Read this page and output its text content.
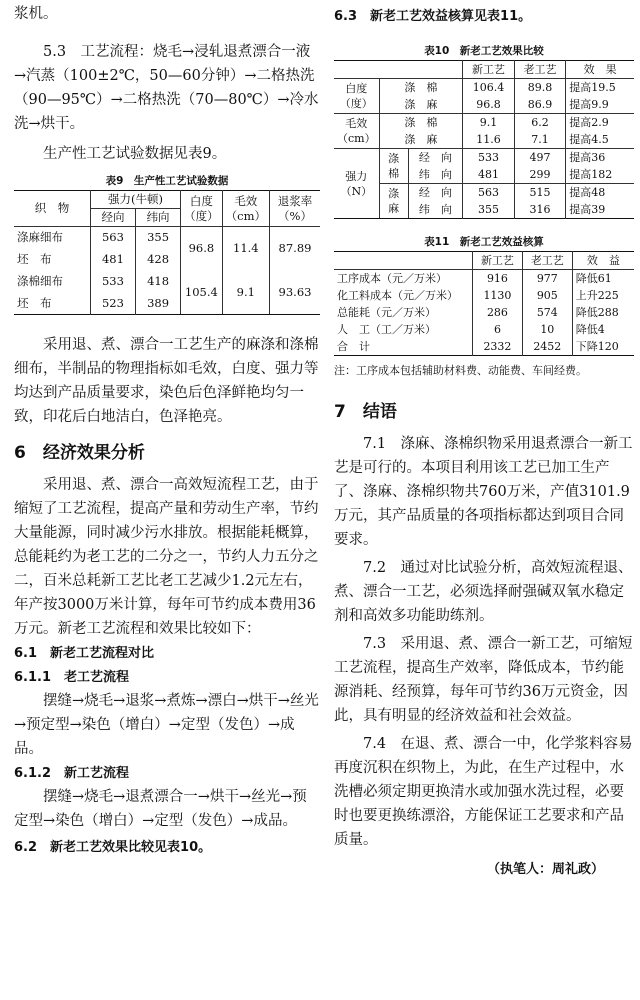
浆机。

5.3　工艺流程：烧毛→浸轧退煮漂合一液→汽蒸（100±2℃，50—60分钟）→二格热洗（90—95℃）→二格热洗（70—80℃）→冷水洗→烘干。

生产性工艺试验数据见表9。

表9　生产性工艺试验数据
织　物	强力(牛顿)		白度（度）	毛效（cm）	退浆率（%）
	经向	纬向			
涤麻细布	563	355	96.8	11.4	87.89
坯　布	481	428			
涤棉细布	533	418	105.4	9.1	93.63
坯　布	523	389			

采用退、煮、漂合一工艺生产的麻涤和涤棉细布，半制品的物理指标如毛效，白度、强力等均达到产品质量要求，染色后色泽鲜艳均匀一致，印花后白地洁白，色泽艳亮。

6　经济效果分析

采用退、煮、漂合一高效短流程工艺，由于缩短了工艺流程，提高产量和劳动生产率，节约大量能源，同时减少污水排放。根据能耗概算，总能耗约为老工艺的二分之一，节约人力五分之二，百米总耗新工艺比老工艺减少1.2元左右，年产按3000万米计算，每年可节约成本费用36万元。新老工艺流程和效果比较如下：

6.1　新老工艺流程对比
6.1.1　老工艺流程

摆缝→烧毛→退浆→煮炼→漂白→烘干→丝光→预定型→染色（增白）→定型（发色）→成品。

6.1.2　新工艺流程

摆缝→烧毛→退煮漂合一→烘干→丝光→预定型→染色（增白）→定型（发色）→成品。

6.2　新老工艺效果比较见表10。
6.3　新老工艺效益核算见表11。
表10　新老工艺效果比较
			新工艺	老工艺	效　果
白度（度）	涤　棉		106.4	89.8	提高19.5
	涤　麻		96.8	86.9	提高9.9
毛效（cm）	涤　棉		9.1	6.2	提高2.9
	涤　麻		11.6	7.1	提高4.5
强力（N）	涤　棉	经　向	533	497	提高36
		纬　向	481	299	提高182
	涤　麻	经　向	563	515	提高48
		纬　向	355	316	提高39
表11　新老工艺效益核算
	新工艺	老工艺	效　益
工序成本（元／万米）	916	977	降低61
化工料成本（元／万米）	1130	905	上升225
总能耗（元／万米）	286	574	降低288
人　工（工／万米）	6	10	降低4
合　计	2332	2452	下降120
注：工序成本包括辅助材料费、动能费、车间经费。
7　结语

7.1　涤麻、涤棉织物采用退煮漂合一新工艺是可行的。本项目利用该工艺已加工生产了、涤麻、涤棉织物共760万米，产值3101.9万元，其产品质量的各项指标都达到项目合同要求。

7.2　通过对比试验分析，高效短流程退、煮、漂合一工艺，必须选择耐强碱双氧水稳定剂和高效多功能助练剂。

7.3　采用退、煮、漂合一新工艺，可缩短工艺流程，提高生产效率，降低成本，节约能源消耗、经预算，每年可节约36万元资金，因此，具有明显的经济效益和社会效益。

7.4　在退、煮、漂合一中，化学浆料容易再度沉积在织物上，为此，在生产过程中，水洗槽必须定期更换清水或加强水洗过程，必要时也要更换练漂浴，方能保证工艺要求和产品质量。

（执笔人：周礼政）
